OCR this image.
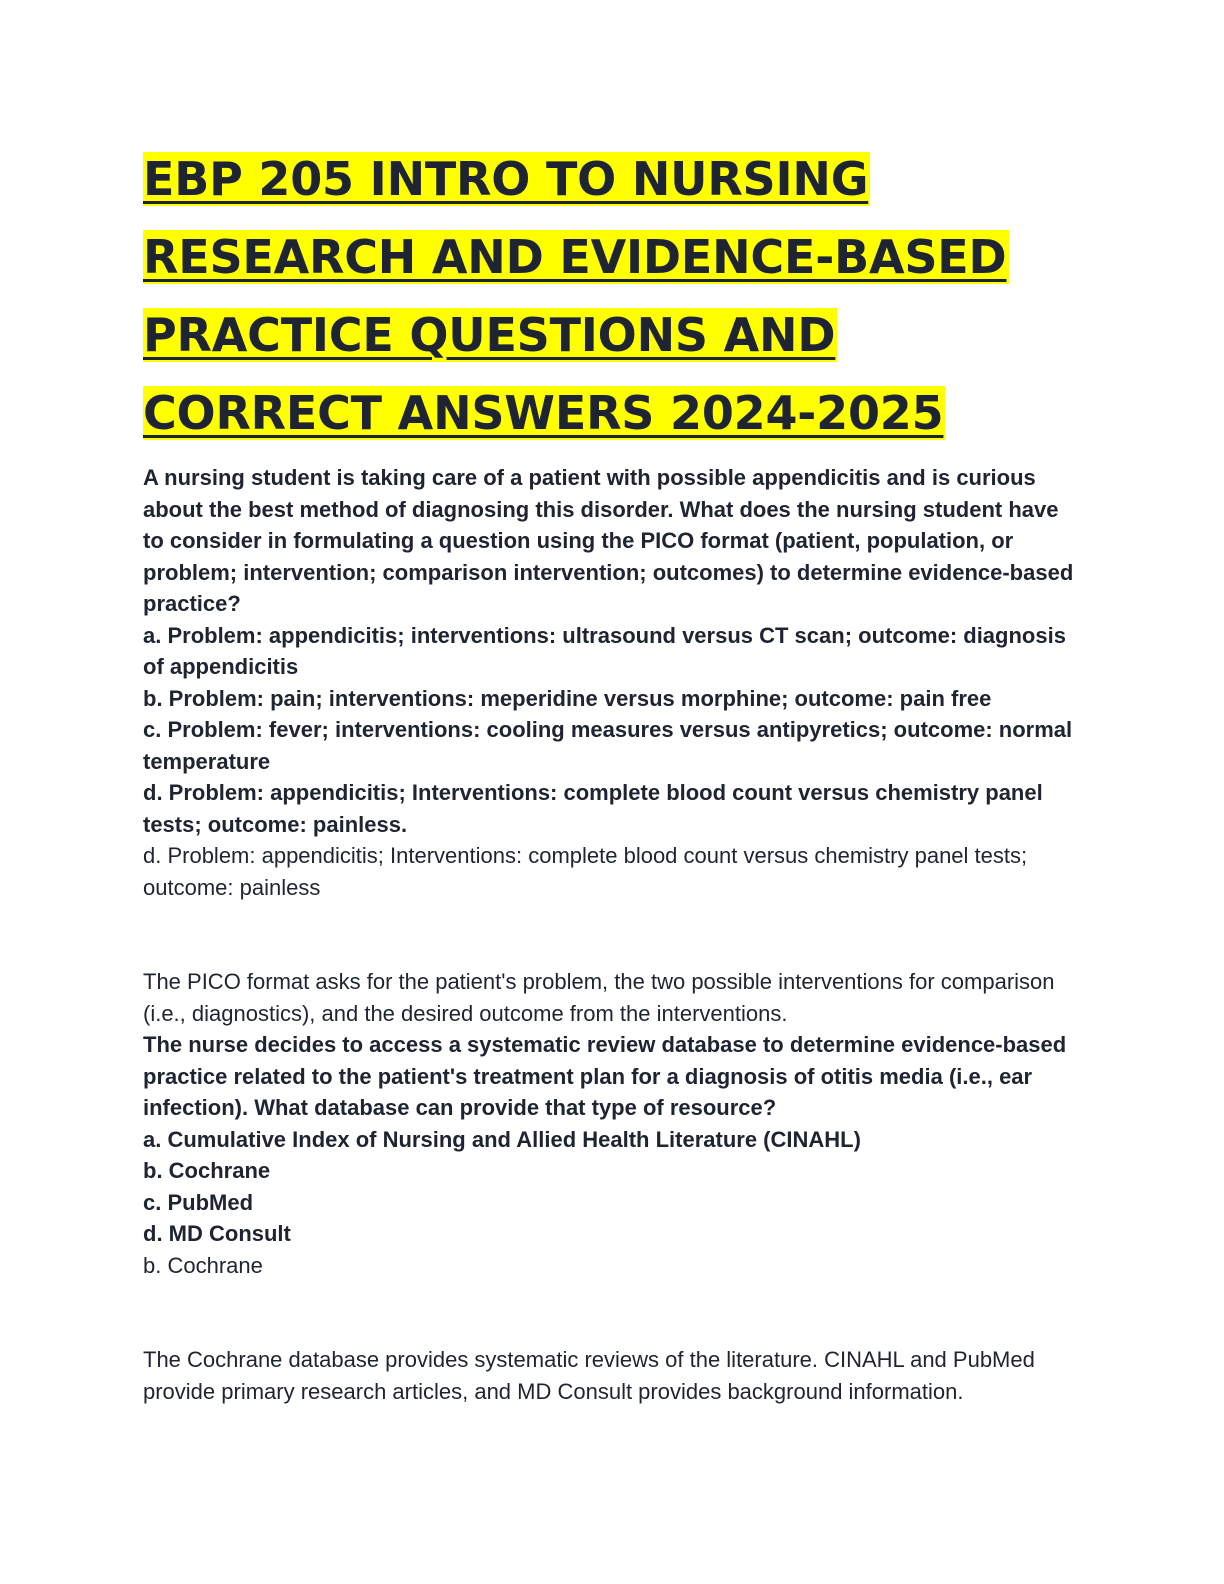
EBP 205 INTRO TO NURSING
RESEARCH AND EVIDENCE-BASED
PRACTICE QUESTIONS AND
CORRECT ANSWERS 2024-2025

A nursing student is taking care of a patient with possible appendicitis and is curious about the best method of diagnosing this disorder. What does the nursing student have to consider in formulating a question using the PICO format (patient, population, or problem; intervention; comparison intervention; outcomes) to determine evidence-based practice?

a. Problem: appendicitis; interventions: ultrasound versus CT scan; outcome: diagnosis of appendicitis

b. Problem: pain; interventions: meperidine versus morphine; outcome: pain free

c. Problem: fever; interventions: cooling measures versus antipyretics; outcome: normal temperature

d. Problem: appendicitis; Interventions: complete blood count versus chemistry panel tests; outcome: painless.

d. Problem: appendicitis; Interventions: complete blood count versus chemistry panel tests; outcome: painless

The PICO format asks for the patient's problem, the two possible interventions for comparison (i.e., diagnostics), and the desired outcome from the interventions.

The nurse decides to access a systematic review database to determine evidence-based practice related to the patient's treatment plan for a diagnosis of otitis media (i.e., ear infection). What database can provide that type of resource?

a. Cumulative Index of Nursing and Allied Health Literature (CINAHL)

b. Cochrane

c. PubMed

d. MD Consult

b. Cochrane

The Cochrane database provides systematic reviews of the literature. CINAHL and PubMed provide primary research articles, and MD Consult provides background information.
